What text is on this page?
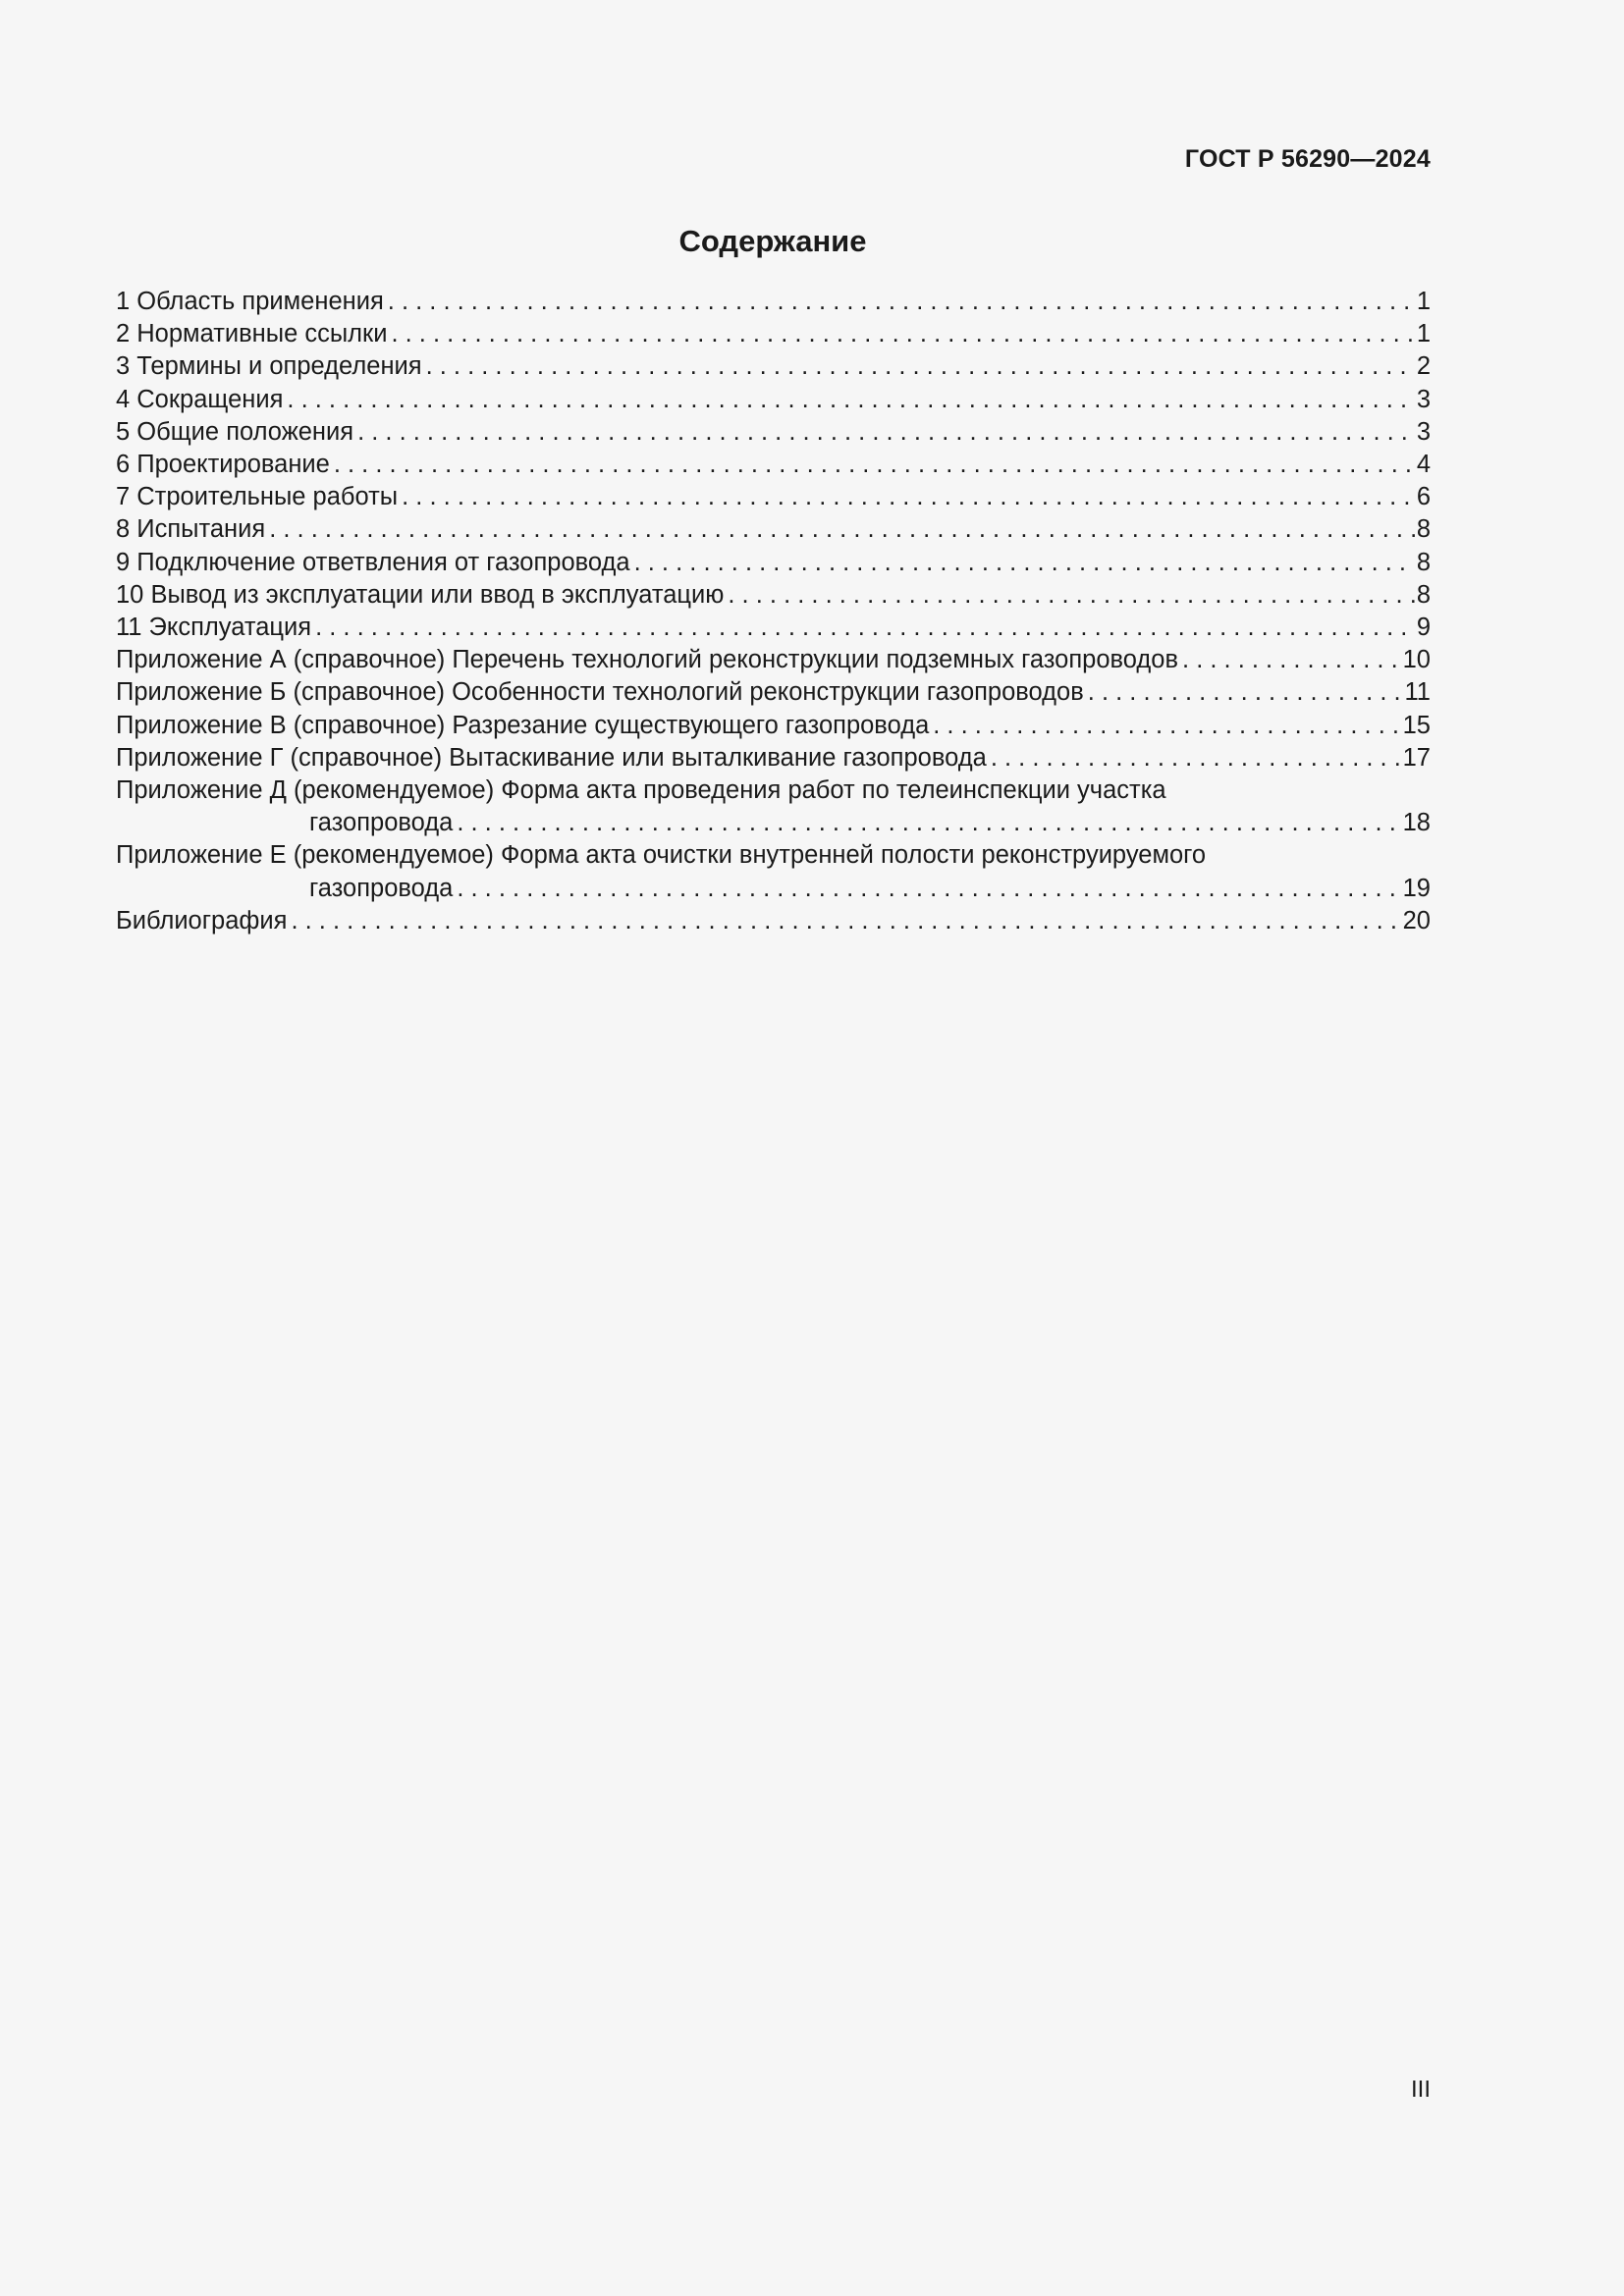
ГОСТ Р 56290—2024
Содержание
1 Область применения . . .	1
2 Нормативные ссылки . . .	1
3 Термины и определения . . .	2
4 Сокращения . . .	3
5 Общие положения . . .	3
6 Проектирование . . .	4
7 Строительные работы . . .	6
8 Испытания . . .	8
9 Подключение ответвления от газопровода . . .	8
10 Вывод из эксплуатации или ввод в эксплуатацию . . .	8
11 Эксплуатация . . .	9
Приложение А (справочное) Перечень технологий реконструкции подземных газопроводов . . .	10
Приложение Б (справочное) Особенности технологий реконструкции газопроводов . . .	11
Приложение В (справочное) Разрезание существующего газопровода . . .	15
Приложение Г (справочное) Вытаскивание или выталкивание газопровода . . .	17
Приложение Д (рекомендуемое) Форма акта проведения работ по телеинспекции участка
газопровода . . .	18
Приложение Е (рекомендуемое) Форма акта очистки внутренней полости реконструируемого
газопровода . . .	19
Библиография . . .	20
III
